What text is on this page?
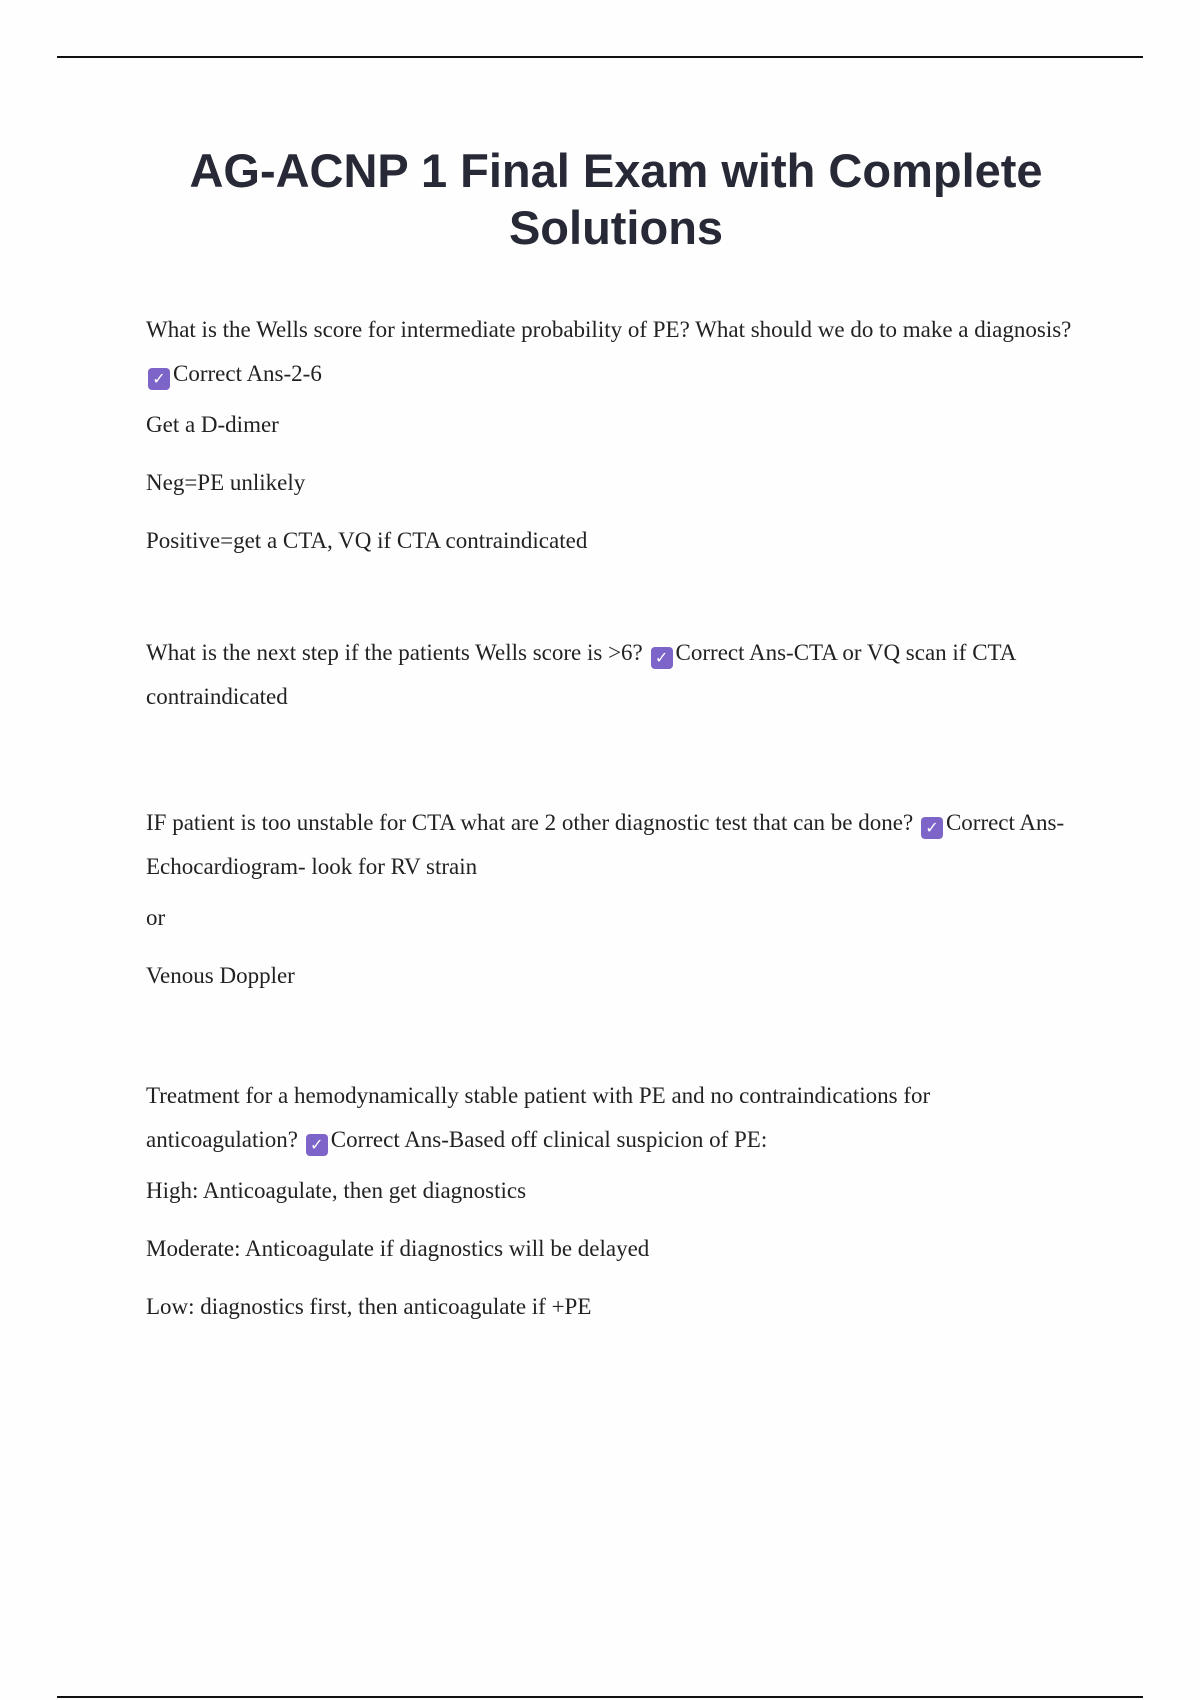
AG-ACNP 1 Final Exam with Complete Solutions

What is the Wells score for intermediate probability of PE? What should we do to make a diagnosis? ✓ Correct Ans-2-6

Get a D-dimer

Neg=PE unlikely

Positive=get a CTA, VQ if CTA contraindicated

What is the next step if the patients Wells score is >6? ✓ Correct Ans-CTA or VQ scan if CTA contraindicated

IF patient is too unstable for CTA what are 2 other diagnostic test that can be done? ✓ Correct Ans-Echocardiogram- look for RV strain

or

Venous Doppler

Treatment for a hemodynamically stable patient with PE and no contraindications for anticoagulation? ✓ Correct Ans-Based off clinical suspicion of PE:

High: Anticoagulate, then get diagnostics

Moderate: Anticoagulate if diagnostics will be delayed

Low: diagnostics first, then anticoagulate if +PE
